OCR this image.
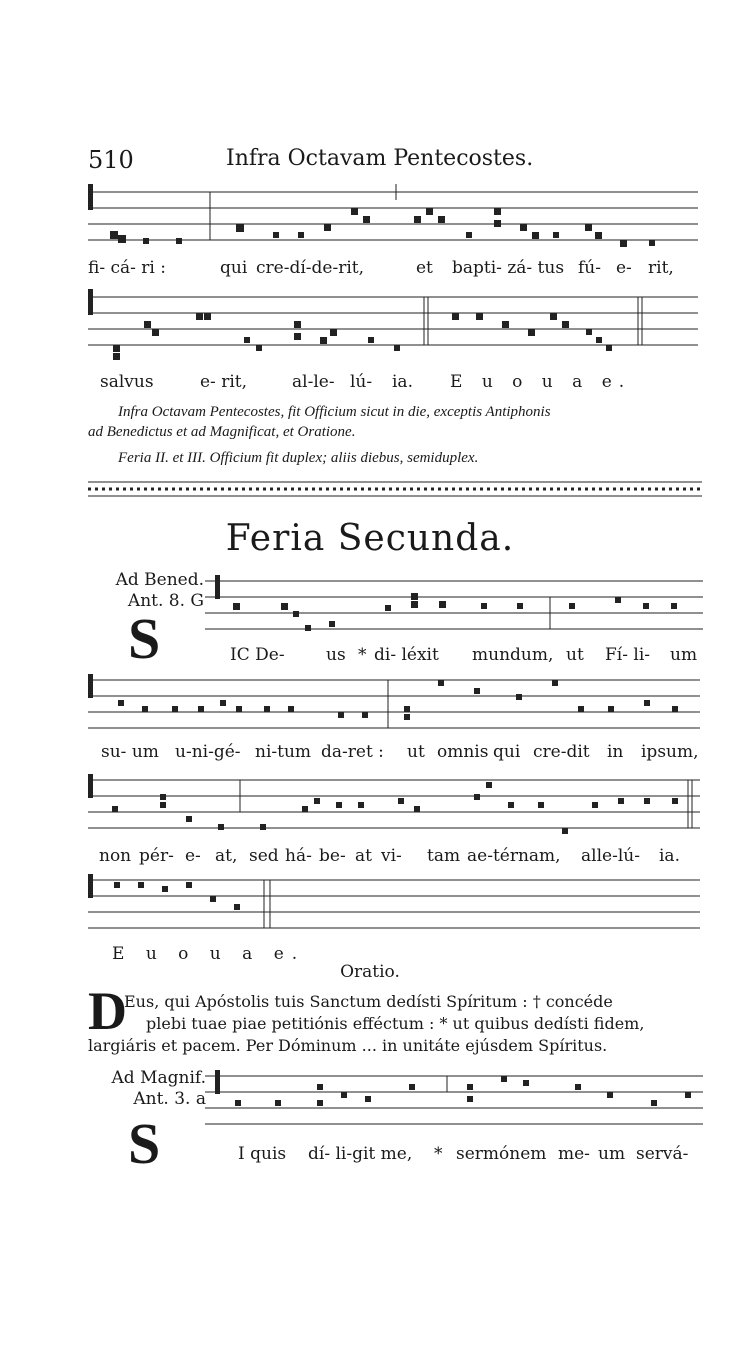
510	Infra Octavam Pentecostes.
fi- cá- ri :	qui cre-dí-de-rit,	et bapti- zá- tus fú- e- rit,
salvus	e- rit,	al-le- lú- ia. E u o u a e.
Infra Octavam Pentecostes, fit Officium sicut in die, exceptis Antiphonis
ad Benedictus et ad Magnificat, et Oratione.
Feria II. et III. Officium fit duplex; aliis diebus, semiduplex.
Feria Secunda.
Ad Bened.
Ant. 8. G
S	IC De- us * di- léxit mundum, ut Fí- li- um
su- um u-ni-gé- ni-tum da-ret : ut omnis qui cre-dit in ipsum,
non pér- e- at, sed há- be- at vi- tam ae-térnam, alle-lú- ia.
E u o u a e.
Oratio.
D
Eus, qui Apóstolis tuis Sanctum dedísti Spíritum : † concéde
plebi tuae piae petitiónis efféctum : * ut quibus dedísti fidem,
largiáris et pacem. Per Dóminum ... in unitáte ejúsdem Spíritus.
Ad Magnif.
Ant. 3. a
S	I quis dí- li-git me, * sermónem me- um servá-
